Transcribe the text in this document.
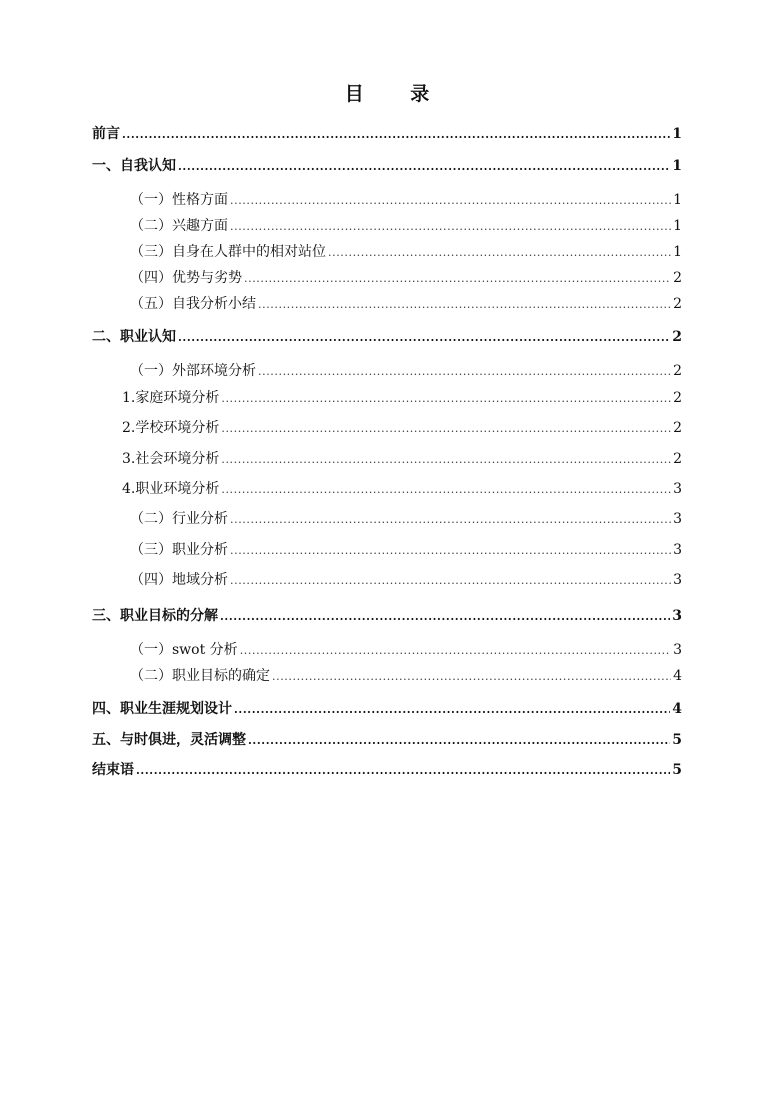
目 录
前言 .....	1
一、自我认知 .....	1
（一）性格方面 .....	1
（二）兴趣方面 .....	1
（三）自身在人群中的相对站位 .....	1
（四）优势与劣势 .....	2
（五）自我分析小结 .....	2
二、职业认知 .....	2
（一）外部环境分析 .....	2
1.家庭环境分析 .....	2
2.学校环境分析 .....	2
3.社会环境分析 .....	2
4.职业环境分析 .....	3
（二）行业分析 .....	3
（三）职业分析 .....	3
（四）地域分析 .....	3
三、职业目标的分解 .....	3
（一）swot 分析 .....	3
（二）职业目标的确定 .....	4
四、职业生涯规划设计 .....	4
五、与时俱进，灵活调整 .....	5
结束语 .....	5
